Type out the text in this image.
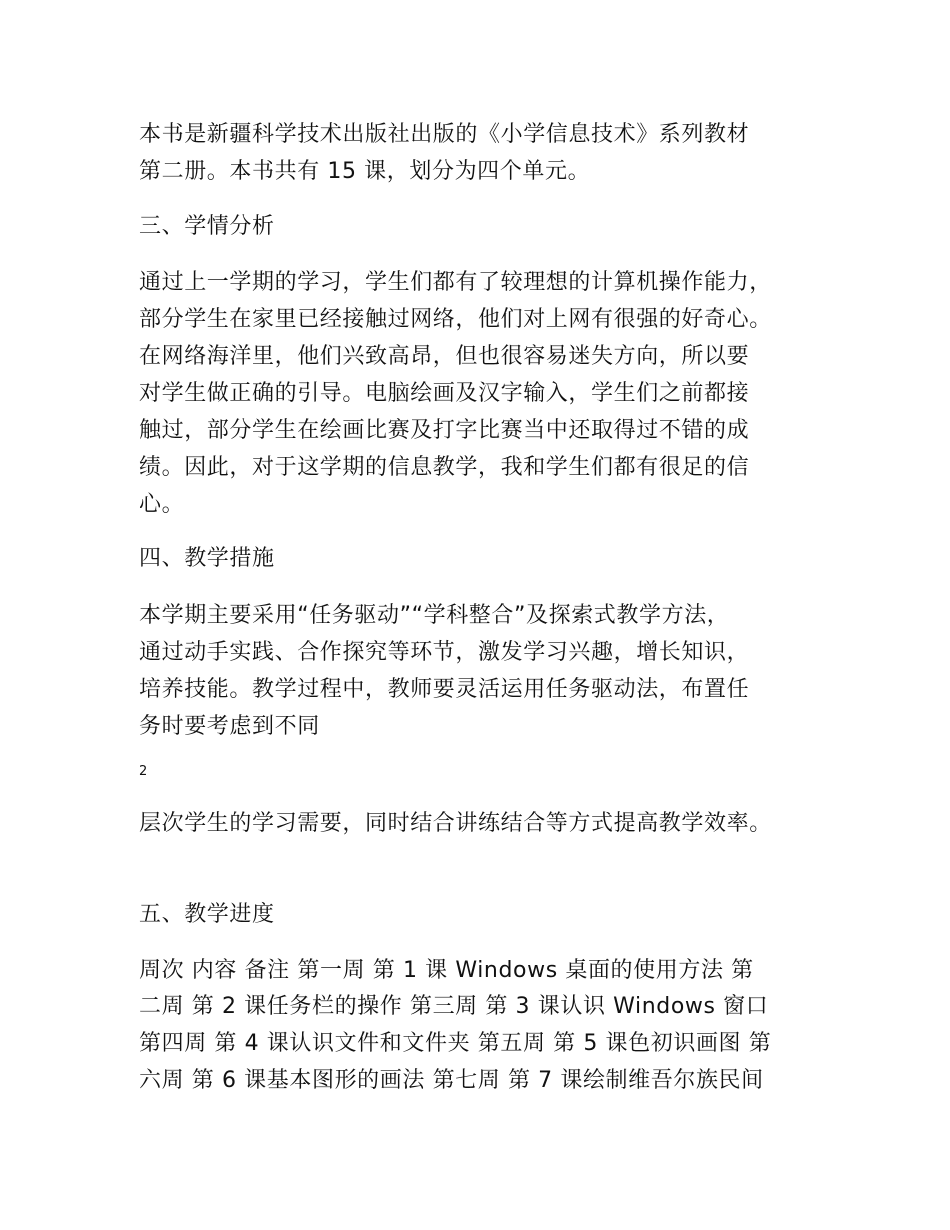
本书是新疆科学技术出版社出版的《小学信息技术》系列教材
第二册。本书共有 15 课，划分为四个单元。
三、学情分析
通过上一学期的学习，学生们都有了较理想的计算机操作能力，
部分学生在家里已经接触过网络，他们对上网有很强的好奇心。
在网络海洋里，他们兴致高昂，但也很容易迷失方向，所以要
对学生做正确的引导。电脑绘画及汉字输入，学生们之前都接
触过，部分学生在绘画比赛及打字比赛当中还取得过不错的成
绩。因此，对于这学期的信息教学，我和学生们都有很足的信
心。
四、教学措施
本学期主要采用“任务驱动”“学科整合”及探索式教学方法，
通过动手实践、合作探究等环节，激发学习兴趣，增长知识，
培养技能。教学过程中，教师要灵活运用任务驱动法，布置任
务时要考虑到不同
2
层次学生的学习需要，同时结合讲练结合等方式提高教学效率。
五、教学进度
周次 内容 备注 第一周 第 1 课 Windows 桌面的使用方法 第
二周 第 2 课任务栏的操作 第三周 第 3 课认识 Windows 窗口
第四周 第 4 课认识文件和文件夹 第五周 第 5 课色初识画图 第
六周 第 6 课基本图形的画法 第七周 第 7 课绘制维吾尔族民间
